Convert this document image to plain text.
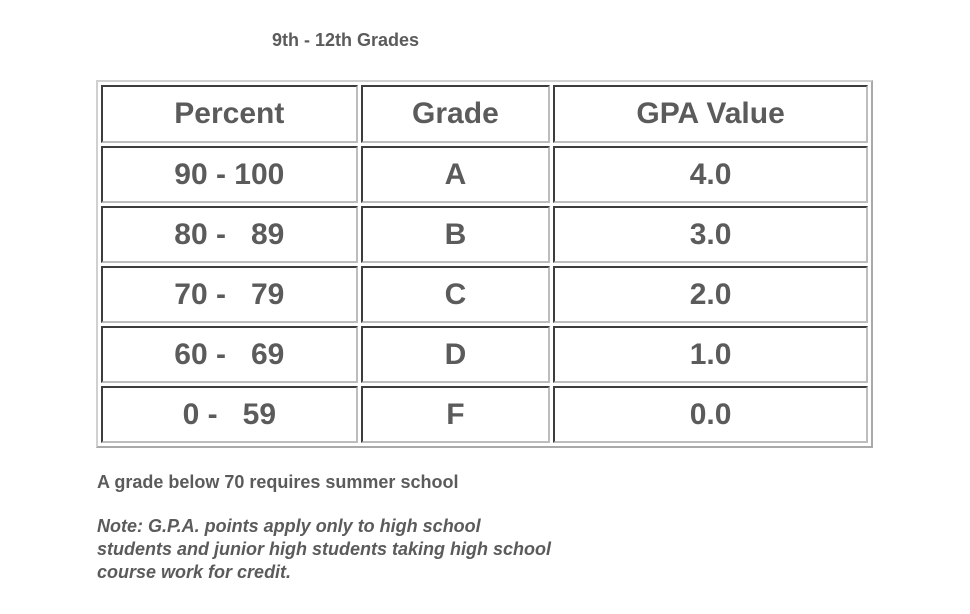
9th - 12th Grades
Percent	Grade	GPA Value
90 - 100	A	4.0
80 -   89	B	3.0
70 -   79	C	2.0
60 -   69	D	1.0
0 -   59	F	0.0
A grade below 70 requires summer school
Note: G.P.A. points apply only to high school students and junior high students taking high school course work for credit.
